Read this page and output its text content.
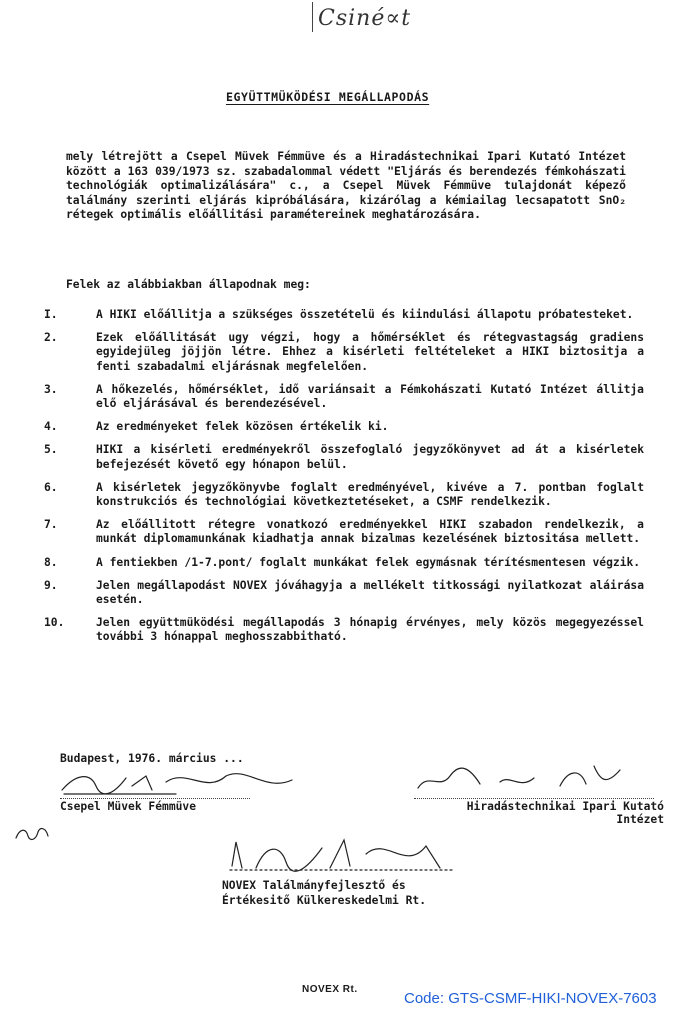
Csiné∝t
EGYÜTTMÜKÖDÉSI MEGÁLLAPODÁS
mely létrejött a Csepel Müvek Fémmüve és a Hiradástechnikai Ipari Kutató Intézet között a 163 039/1973 sz. szabadalommal védett "Eljárás és berendezés fémkohászati technológiák optimalizálására" c., a Csepel Müvek Fémmüve tulajdonát képező találmány szerinti eljárás kipróbálására, kizárólag a kémiailag lecsapatott SnO₂ rétegek optimális előállitási paramétereinek meghatározására.
Felek az alábbiakban állapodnak meg:
I.	A HIKI előállitja a szükséges összetételü és kiindulási állapotu próbatesteket.
2.	Ezek előállitását ugy végzi, hogy a hőmérséklet és rétegvastagság gradiens egyidejüleg jöjjön létre. Ehhez a kisérleti feltételeket a HIKI biztositja a fenti szabadalmi eljárásnak megfelelően.
3.	A hőkezelés, hőmérséklet, idő variánsait a Fémkohászati Kutató Intézet állitja elő eljárásával és berendezésével.
4.	Az eredményeket felek közösen értékelik ki.
5.	HIKI a kisérleti eredményekről összefoglaló jegyzőkönyvet ad át a kisérletek befejezését követő egy hónapon belül.
6.	A kisérletek jegyzőkönyvbe foglalt eredményével, kivéve a 7. pontban foglalt konstrukciós és technológiai következtetéseket, a CSMF rendelkezik.
7.	Az előállitott rétegre vonatkozó eredményekkel HIKI szabadon rendelkezik, a munkát diplomamunkának kiadhatja annak bizalmas kezelésének biztositása mellett.
8.	A fentiekben /1-7.pont/ foglalt munkákat felek egymásnak térítésmentesen végzik.
9.	Jelen megállapodást NOVEX jóváhagyja a mellékelt titkossági nyilatkozat aláirása esetén.
10.	Jelen együttmüködési megállapodás 3 hónapig érvényes, mely közös megegyezéssel további 3 hónappal meghosszabbitható.
Budapest, 1976. március ...
Csepel Müvek Fémmüve	Hiradástechnikai Ipari Kutató
Intézet
NOVEX Találmányfejlesztő és
Értékesitő Külkereskedelmi Rt.
NOVEX Rt.
Code: GTS-CSMF-HIKI-NOVEX-7603
